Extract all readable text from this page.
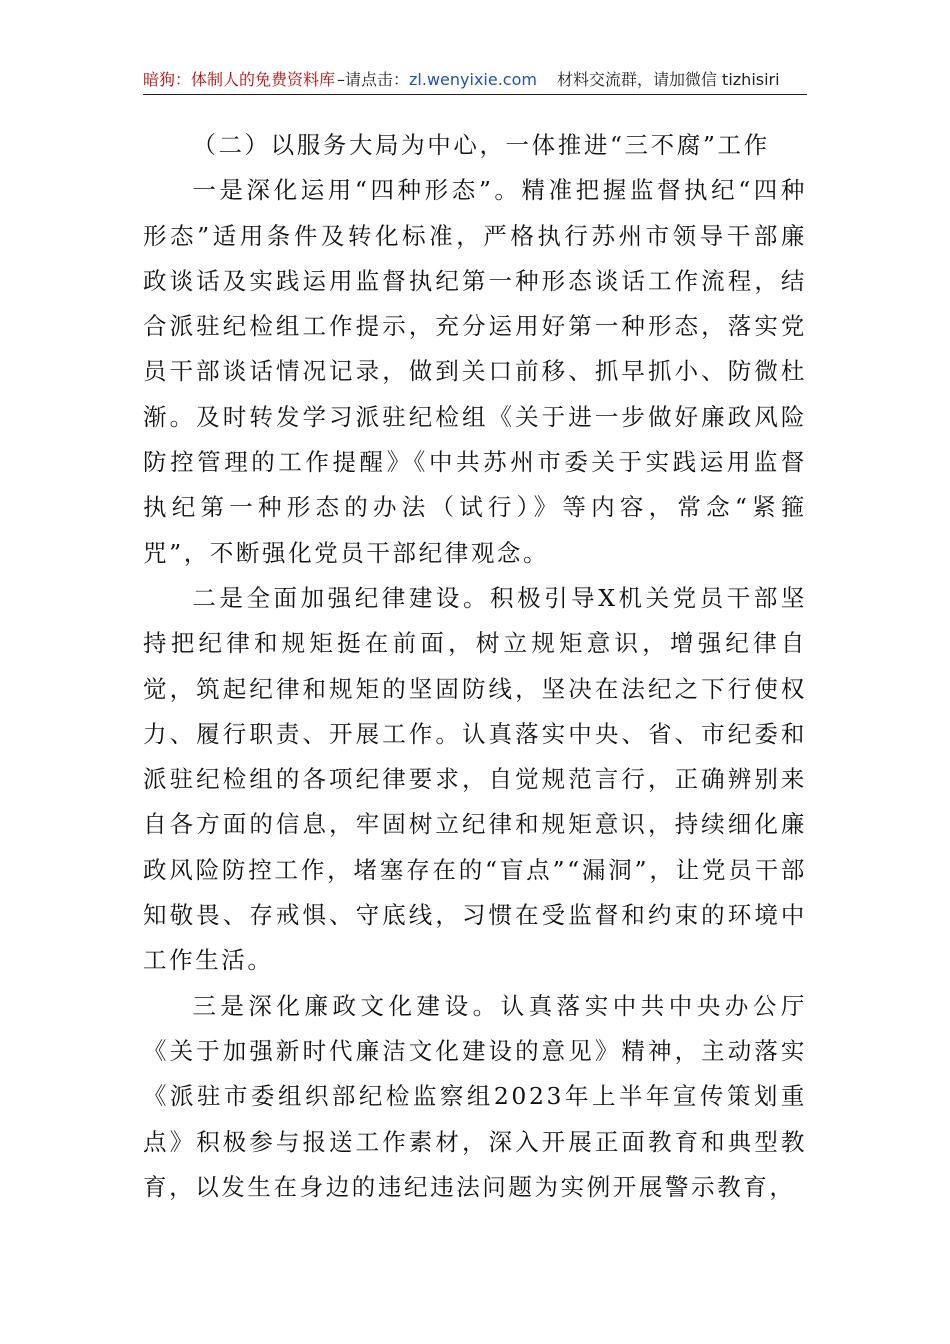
暗狗：体制人的免费资料库 – 请点击： zl.wenyixie.com 材料交流群，请加微信 tizhisiri

（二）以服务大局为中心，一体推进“三不腐”工作

一是深化运用“四种形态”。精准把握监督执纪“四种形态”适用条件及转化标准，严格执行苏州市领导干部廉政谈话及实践运用监督执纪第一种形态谈话工作流程，结合派驻纪检组工作提示，充分运用好第一种形态，落实党员干部谈话情况记录，做到关口前移、抓早抓小、防微杜渐。及时转发学习派驻纪检组《关于进一步做好廉政风险防控管理的工作提醒》《中共苏州市委关于实践运用监督执纪第一种形态的办法（试行）》等内容，常念“紧箍咒”，不断强化党员干部纪律观念。

二是全面加强纪律建设。积极引导X机关党员干部坚持把纪律和规矩挺在前面，树立规矩意识，增强纪律自觉，筑起纪律和规矩的坚固防线，坚决在法纪之下行使权力、履行职责、开展工作。认真落实中央、省、市纪委和派驻纪检组的各项纪律要求，自觉规范言行，正确辨别来自各方面的信息，牢固树立纪律和规矩意识，持续细化廉政风险防控工作，堵塞存在的“盲点”“漏洞”，让党员干部知敬畏、存戒惧、守底线，习惯在受监督和约束的环境中工作生活。

三是深化廉政文化建设。认真落实中共中央办公厅《关于加强新时代廉洁文化建设的意见》精神，主动落实《派驻市委组织部纪检监察组2023年上半年宣传策划重点》积极参与报送工作素材，深入开展正面教育和典型教育，以发生在身边的违纪违法问题为实例开展警示教育，
